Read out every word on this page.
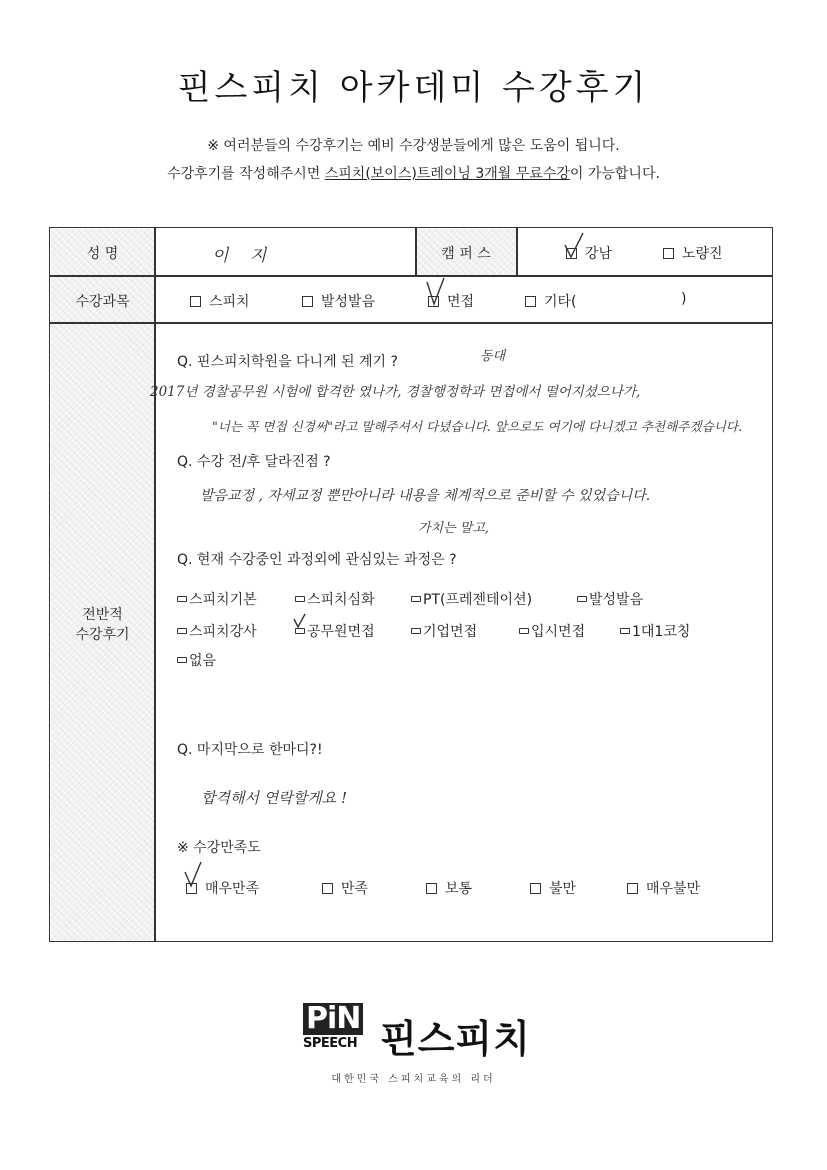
핀스피치 아카데미 수강후기
※ 여러분들의 수강후기는 예비 수강생분들에게 많은 도움이 됩니다.
수강후기를 작성해주시면 스피치(보이스)트레이닝 3개월 무료수강이 가능합니다.
성 명	이 지	캠 퍼 스	강남	노량진
수강과목	스피치	발성발음	면접	기타(	)
전반적
수강후기
Q. 핀스피치학원을 다니게 된 계기 ?	동대
2017년 경찰공무원 시험에 합격한 였나가, 경찰행정학과 면접에서 떨어지셨으나가,
"너는 꼭 면접 신경써"라고 말해주셔서 다녔습니다. 앞으로도 여기에 다니겠고 추천해주겠습니다.
Q. 수강 전/후 달라진점 ?
발음교정 , 자세교정 뿐만아니라 내용을 체계적으로 준비할 수 있었습니다.
가치는 말고,
Q. 현재 수강중인 과정외에 관심있는 과정은 ?
스피치기본	스피치심화	PT(프레젠테이션)	발성발음
스피치강사	공무원면접	기업면접	입시면접	1대1코칭
없음
Q. 마지막으로 한마디?!
합격해서 연락할게요 !
※ 수강만족도
매우만족	만족	보통	불만	매우불만
PiN
SPEECH 핀스피치
대한민국 스피치교육의 리더
